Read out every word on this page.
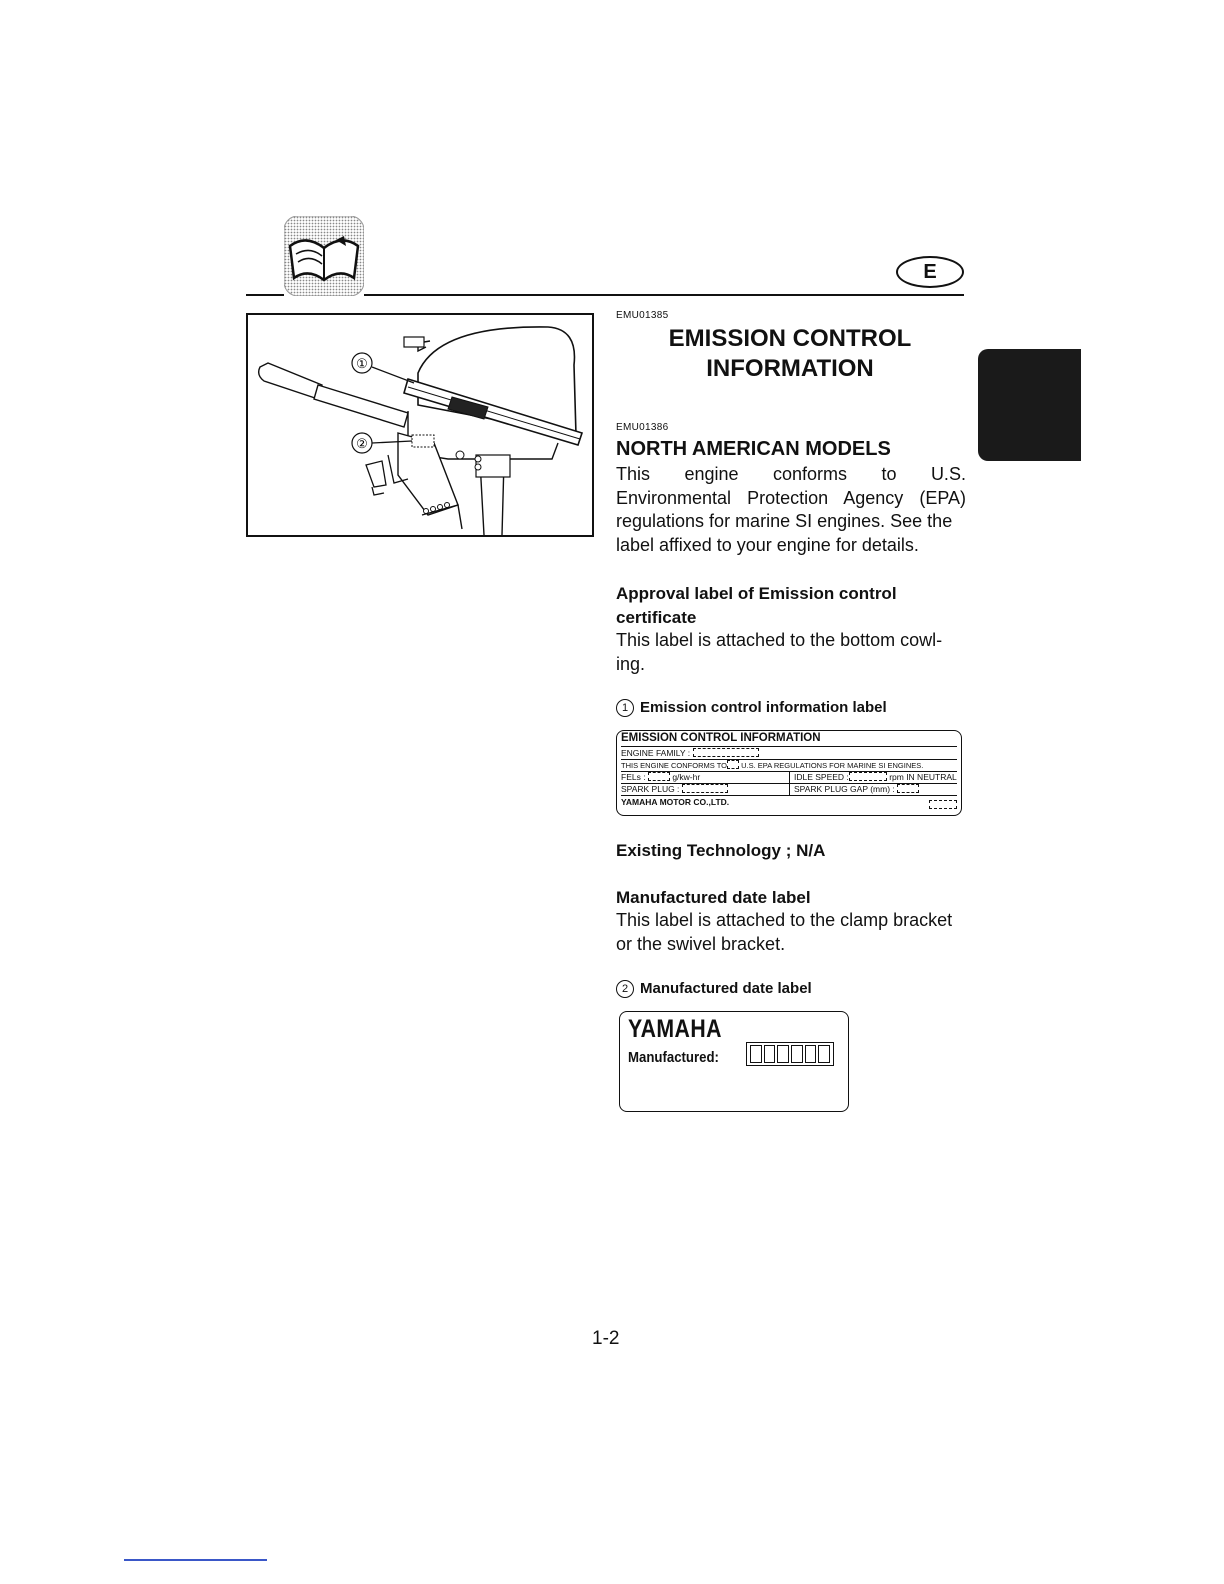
E
①
②
EMU01385
EMISSION CONTROL
INFORMATION
EMU01386
NORTH AMERICAN MODELS

This engine conforms to U.S.
Environmental Protection Agency (EPA)
regulations for marine SI engines. See the
label affixed to your engine for details.

Approval label of Emission control
certificate

This label is attached to the bottom cowl-
ing.

1 Emission control information label

EMISSION CONTROL INFORMATION
ENGINE FAMILY :
THIS ENGINE CONFORMS TO U.S. EPA REGULATIONS FOR MARINE SI ENGINES.
FELs :	g/kw-hr	IDLE SPEED :	rpm IN NEUTRAL
SPARK PLUG :	SPARK PLUG GAP (mm) :
YAMAHA MOTOR CO.,LTD.

Existing Technology ; N/A

Manufactured date label

This label is attached to the clamp bracket
or the swivel bracket.

2 Manufactured date label

YAMAHA
Manufactured:
1-2
